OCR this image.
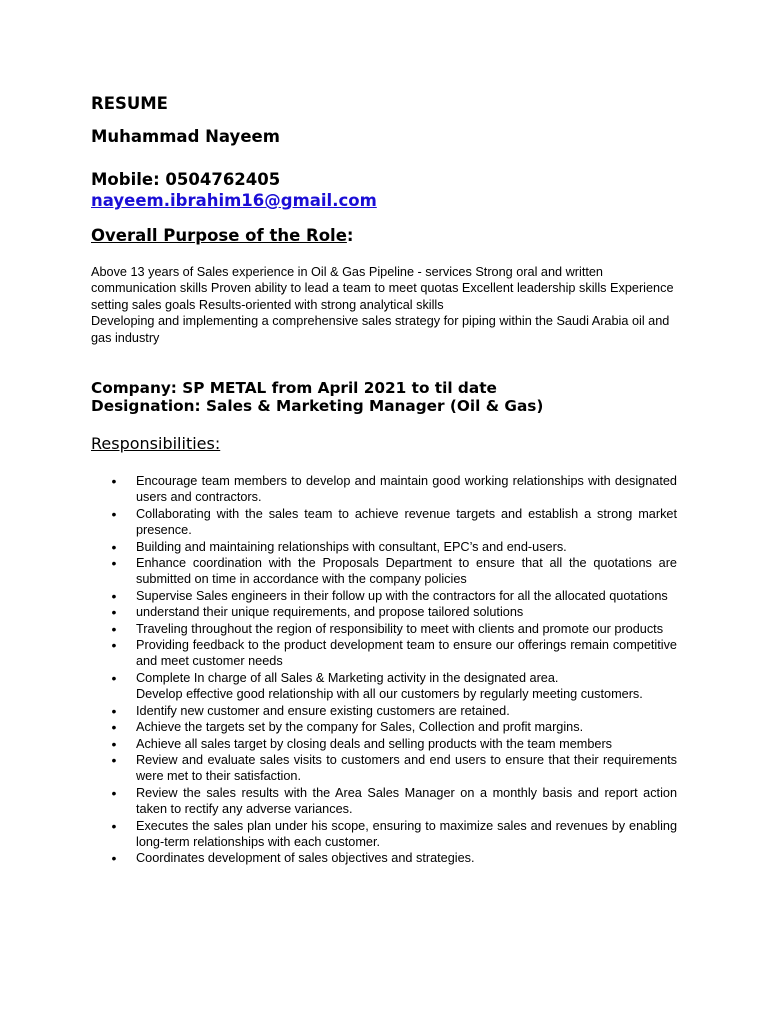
RESUME
Muhammad Nayeem
Mobile: 0504762405
nayeem.ibrahim16@gmail.com
Overall Purpose of the Role:

Above 13 years of Sales experience in Oil & Gas Pipeline - services Strong oral and written communication skills Proven ability to lead a team to meet quotas Excellent leadership skills Experience setting sales goals Results-oriented with strong analytical skills

Developing and implementing a comprehensive sales strategy for piping within the Saudi Arabia oil and gas industry

Company: SP METAL from April 2021 to til date
Designation: Sales & Marketing Manager (Oil & Gas)
Responsibilities:
• Encourage team members to develop and maintain good working relationships with designated users and contractors.
• Collaborating with the sales team to achieve revenue targets and establish a strong market presence.
• Building and maintaining relationships with consultant, EPC’s and end-users.
• Enhance coordination with the Proposals Department to ensure that all the quotations are submitted on time in accordance with the company policies
• Supervise Sales engineers in their follow up with the contractors for all the allocated quotations
• understand their unique requirements, and propose tailored solutions
• Traveling throughout the region of responsibility to meet with clients and promote our products
• Providing feedback to the product development team to ensure our offerings remain competitive and meet customer needs
• Complete In charge of all Sales & Marketing activity in the designated area.
Develop effective good relationship with all our customers by regularly meeting customers.
• Identify new customer and ensure existing customers are retained.
• Achieve the targets set by the company for Sales, Collection and profit margins.
• Achieve all sales target by closing deals and selling products with the team members
• Review and evaluate sales visits to customers and end users to ensure that their requirements were met to their satisfaction.
• Review the sales results with the Area Sales Manager on a monthly basis and report action taken to rectify any adverse variances.
• Executes the sales plan under his scope, ensuring to maximize sales and revenues by enabling long-term relationships with each customer.
• Coordinates development of sales objectives and strategies.
